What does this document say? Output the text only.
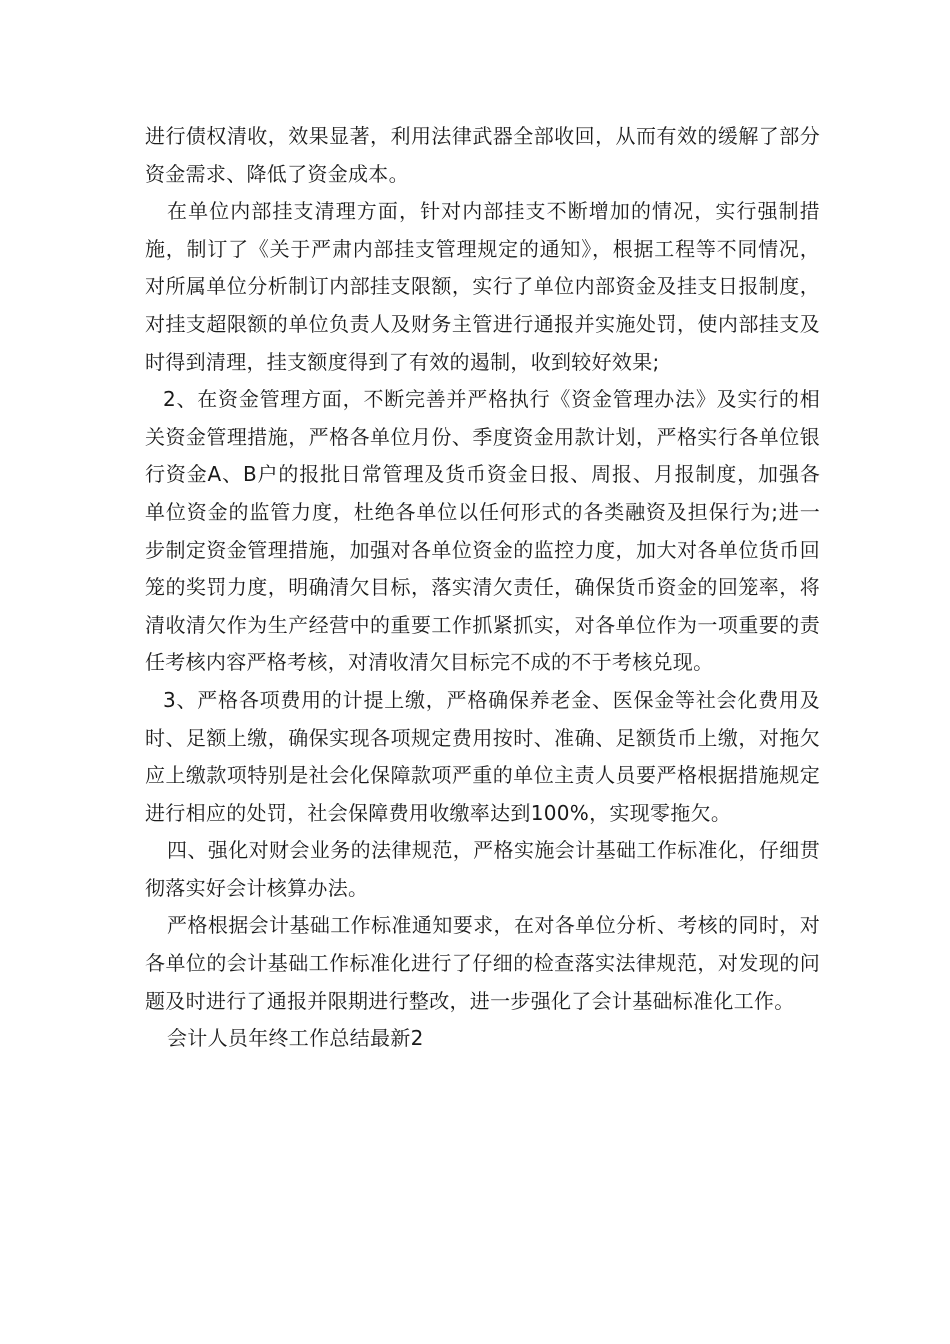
进行债权清收，效果显著，利用法律武器全部收回，从而有效的缓解了部分资金需求、降低了资金成本。

在单位内部挂支清理方面，针对内部挂支不断增加的情况，实行强制措施，制订了《关于严肃内部挂支管理规定的通知》，根据工程等不同情况，对所属单位分析制订内部挂支限额，实行了单位内部资金及挂支日报制度，对挂支超限额的单位负责人及财务主管进行通报并实施处罚，使内部挂支及时得到清理，挂支额度得到了有效的遏制，收到较好效果;

2、在资金管理方面，不断完善并严格执行《资金管理办法》及实行的相关资金管理措施，严格各单位月份、季度资金用款计划，严格实行各单位银行资金A、B户的报批日常管理及货币资金日报、周报、月报制度，加强各单位资金的监管力度，杜绝各单位以任何形式的各类融资及担保行为;进一步制定资金管理措施，加强对各单位资金的监控力度，加大对各单位货币回笼的奖罚力度，明确清欠目标，落实清欠责任，确保货币资金的回笼率，将清收清欠作为生产经营中的重要工作抓紧抓实，对各单位作为一项重要的责任考核内容严格考核，对清收清欠目标完不成的不于考核兑现。

3、严格各项费用的计提上缴，严格确保养老金、医保金等社会化费用及时、足额上缴，确保实现各项规定费用按时、准确、足额货币上缴，对拖欠应上缴款项特别是社会化保障款项严重的单位主责人员要严格根据措施规定进行相应的处罚，社会保障费用收缴率达到100%，实现零拖欠。

四、强化对财会业务的法律规范，严格实施会计基础工作标准化，仔细贯彻落实好会计核算办法。

严格根据会计基础工作标准通知要求，在对各单位分析、考核的同时，对各单位的会计基础工作标准化进行了仔细的检查落实法律规范，对发现的问题及时进行了通报并限期进行整改，进一步强化了会计基础标准化工作。

会计人员年终工作总结最新2
